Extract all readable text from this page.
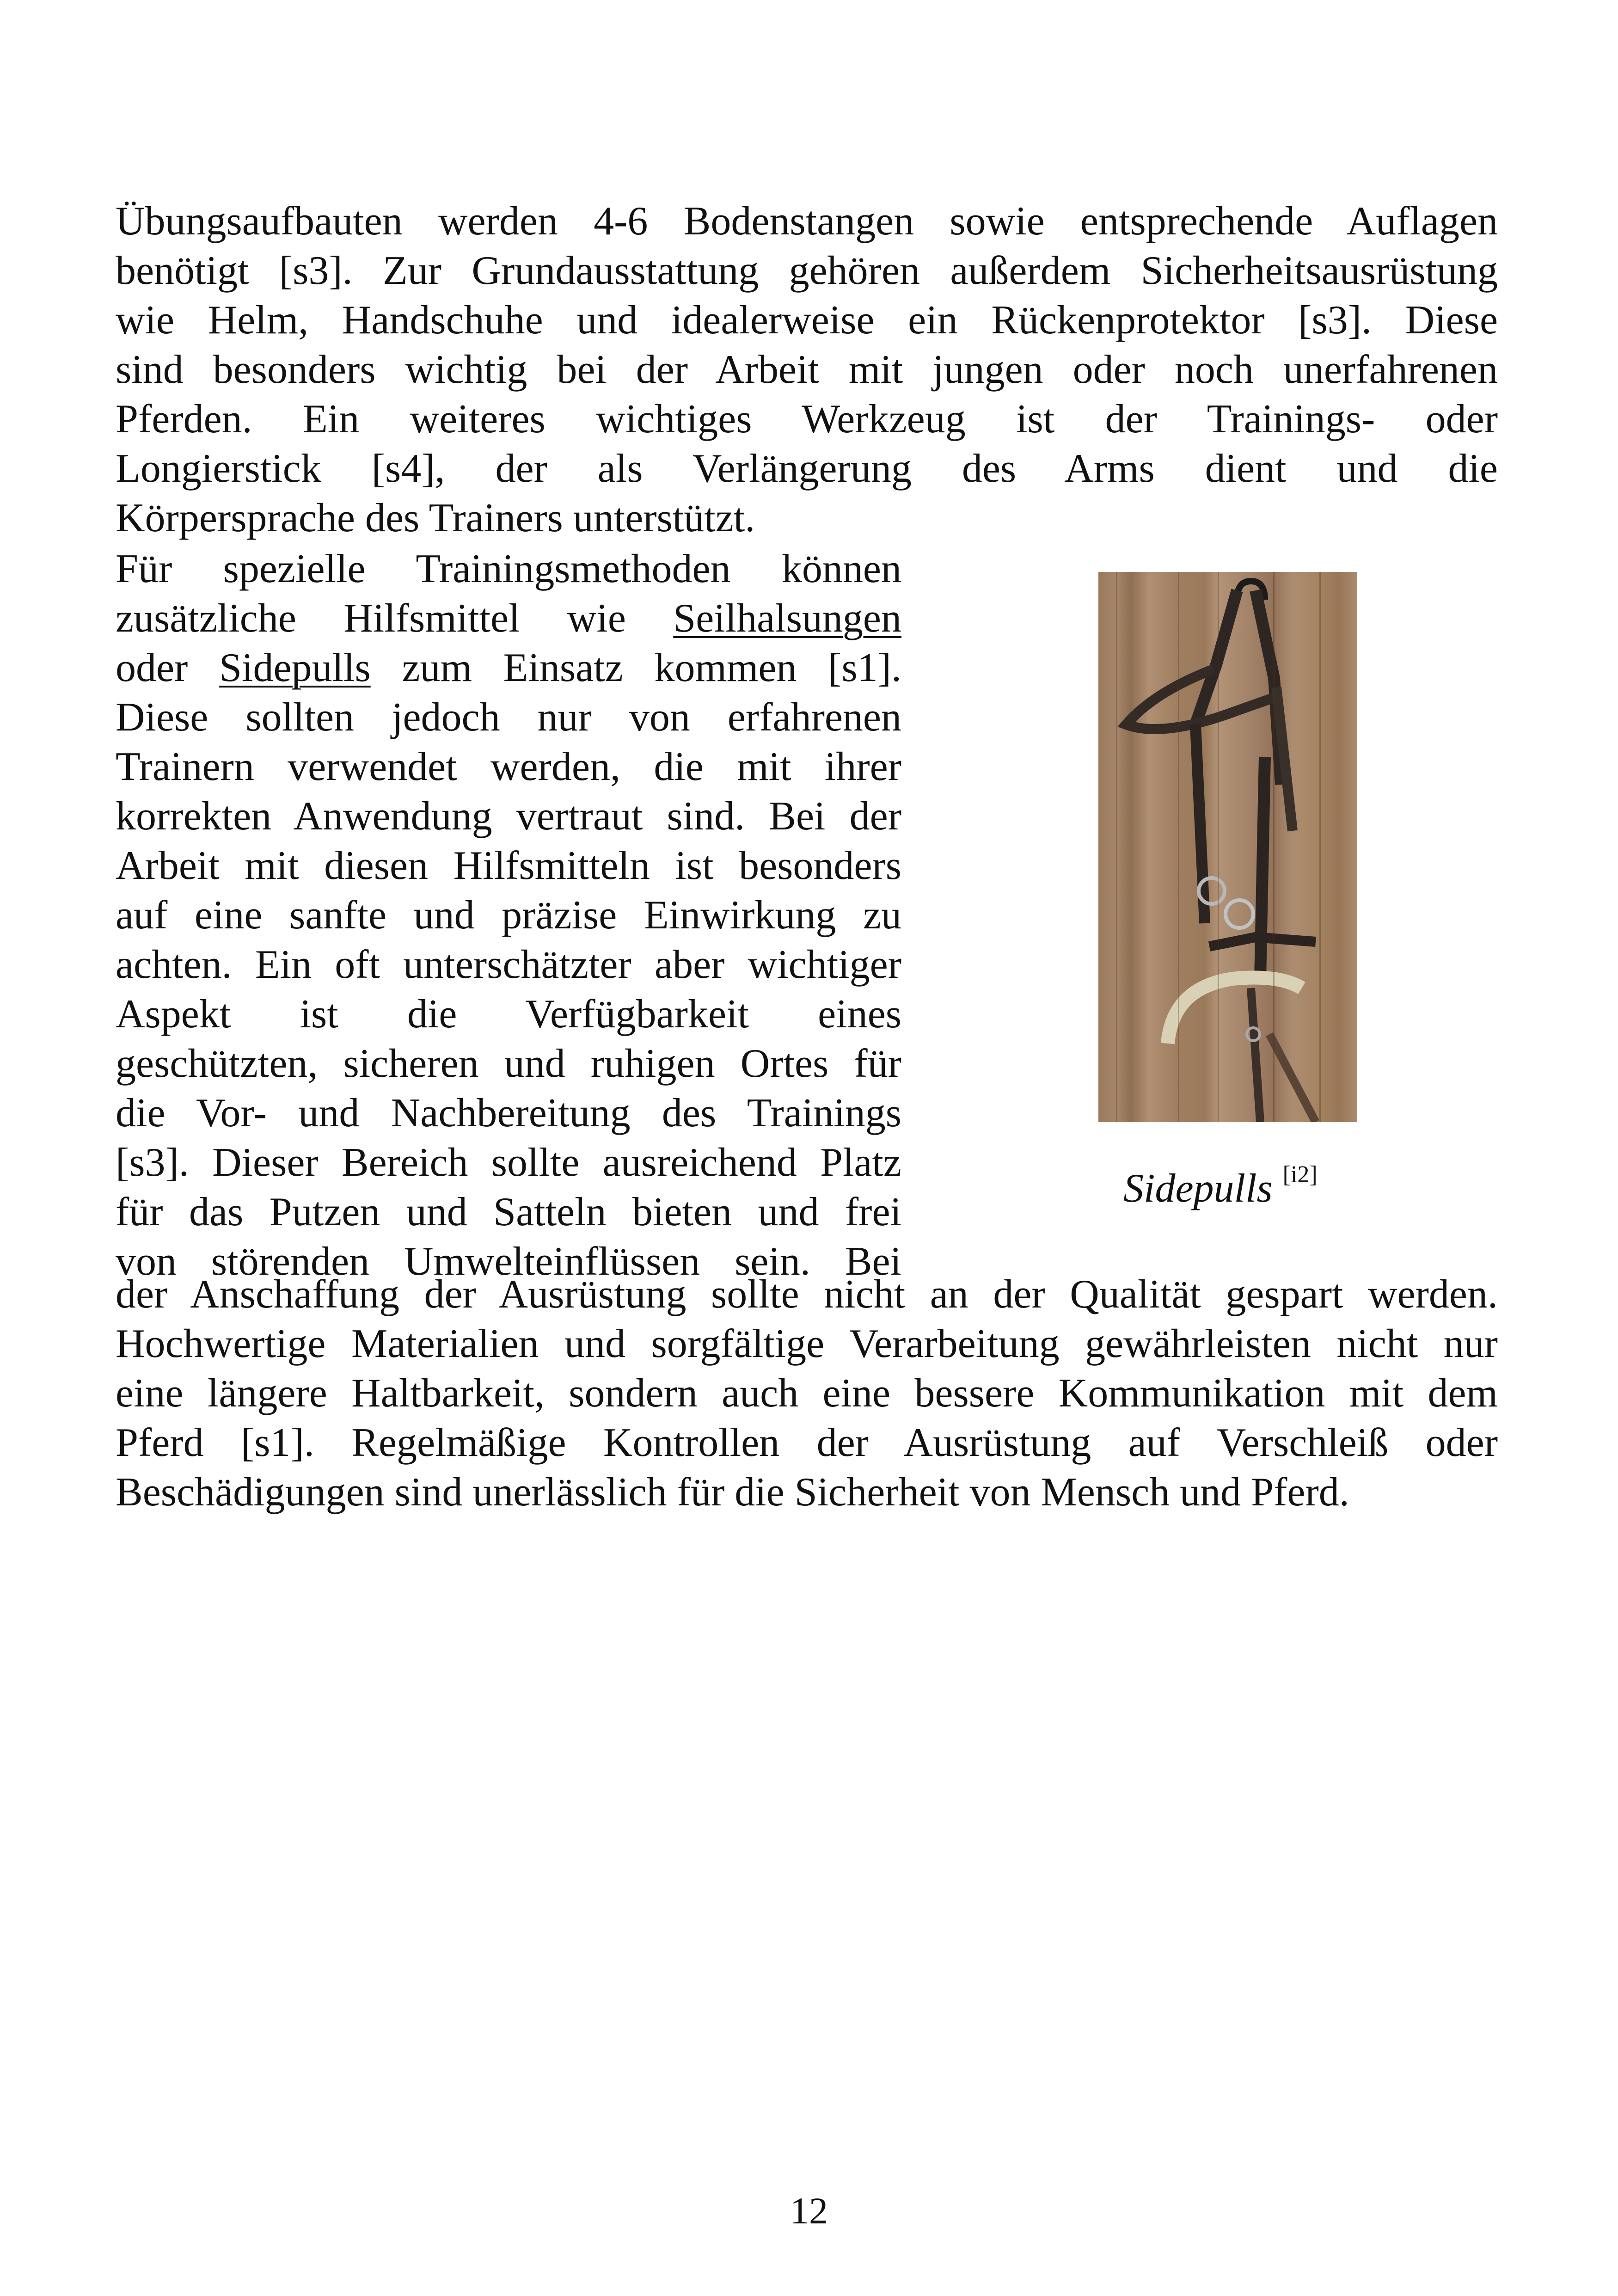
Übungsaufbauten werden 4-6 Bodenstangen sowie entsprechende Auflagen
benötigt [s3]. Zur Grundausstattung gehören außerdem Sicherheitsausrüstung
wie Helm, Handschuhe und idealerweise ein Rückenprotektor [s3]. Diese
sind besonders wichtig bei der Arbeit mit jungen oder noch unerfahrenen
Pferden. Ein weiteres wichtiges Werkzeug ist der Trainings- oder
Longierstick [s4], der als Verlängerung des Arms dient und die
Körpersprache des Trainers unterstützt.
Für spezielle Trainingsmethoden können
zusätzliche Hilfsmittel wie Seilhalsungen
oder Sidepulls zum Einsatz kommen [s1].
Diese sollten jedoch nur von erfahrenen
Trainern verwendet werden, die mit ihrer
korrekten Anwendung vertraut sind. Bei der
Arbeit mit diesen Hilfsmitteln ist besonders
auf eine sanfte und präzise Einwirkung zu
achten. Ein oft unterschätzter aber wichtiger
Aspekt ist die Verfügbarkeit eines
geschützten, sicheren und ruhigen Ortes für
die Vor- und Nachbereitung des Trainings
[s3]. Dieser Bereich sollte ausreichend Platz
für das Putzen und Satteln bieten und frei
von störenden Umwelteinflüssen sein. Bei
Sidepulls [i2]
der Anschaffung der Ausrüstung sollte nicht an der Qualität gespart werden.
Hochwertige Materialien und sorgfältige Verarbeitung gewährleisten nicht nur
eine längere Haltbarkeit, sondern auch eine bessere Kommunikation mit dem
Pferd [s1]. Regelmäßige Kontrollen der Ausrüstung auf Verschleiß oder
Beschädigungen sind unerlässlich für die Sicherheit von Mensch und Pferd.
12
